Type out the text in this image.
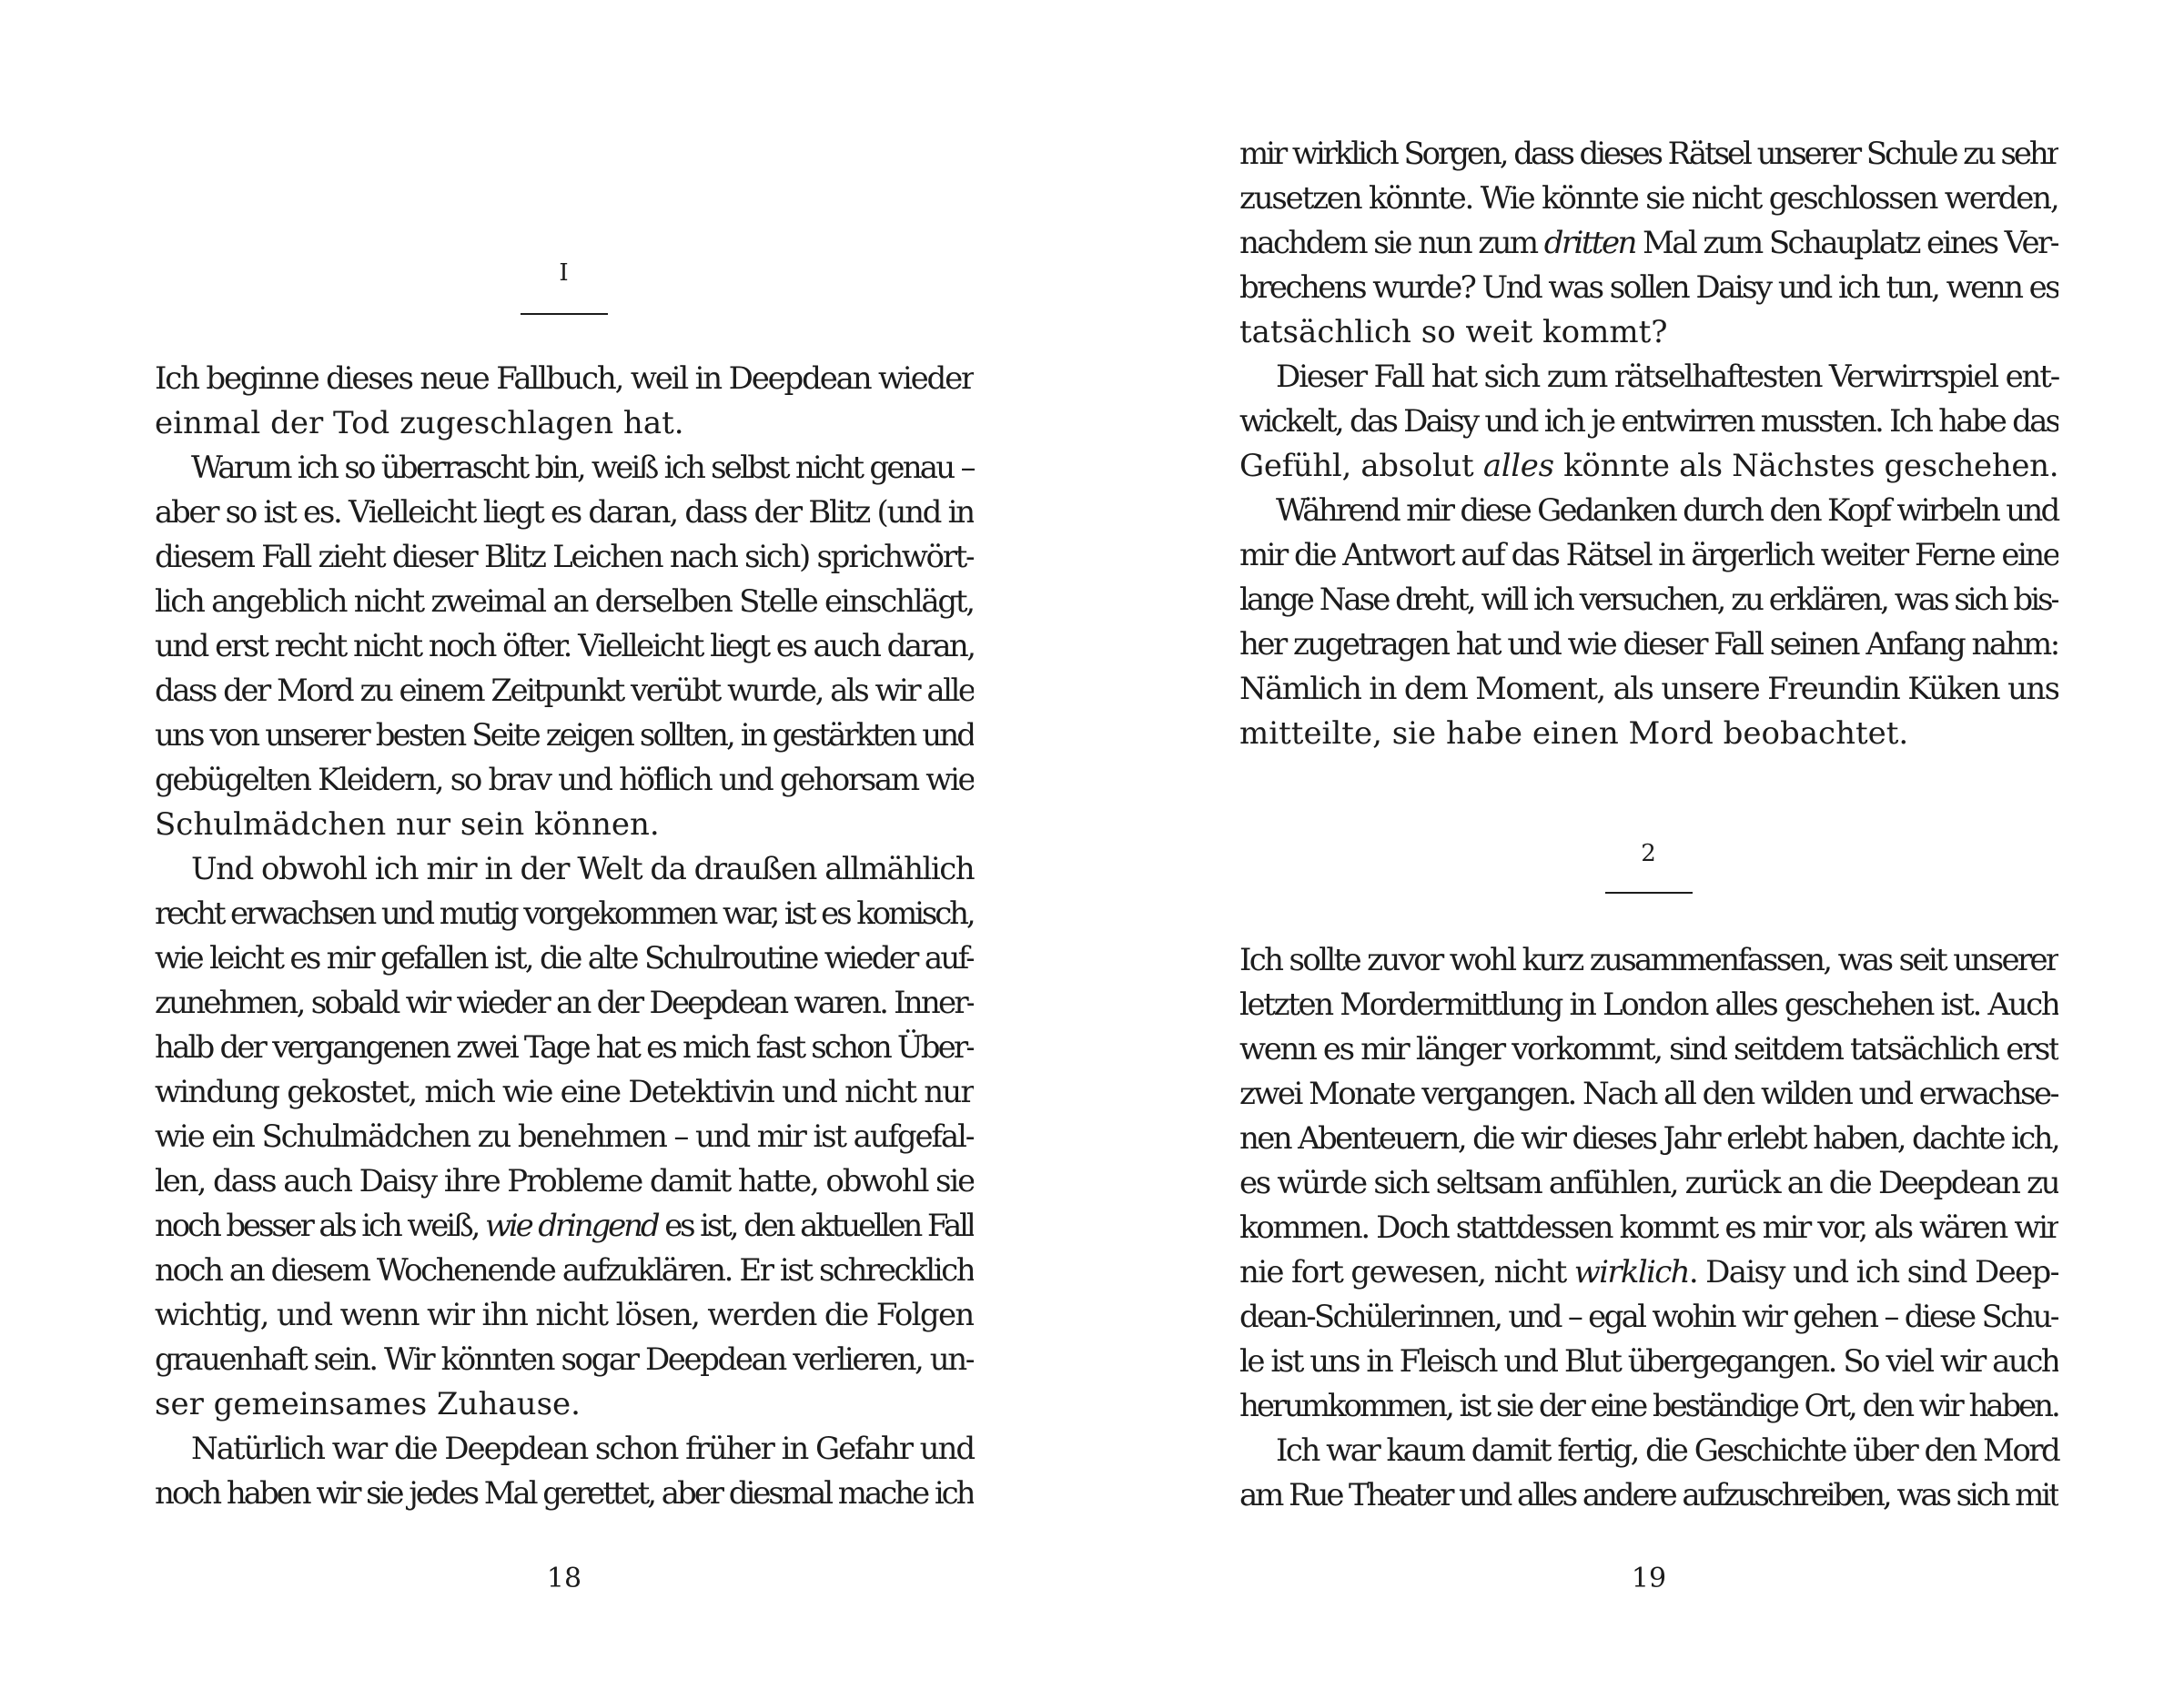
I
Ich beginne dieses neue Fallbuch, weil in Deepdean wieder
einmal der Tod zugeschlagen hat.
Warum ich so überrascht bin, weiß ich selbst nicht genau –
aber so ist es. Vielleicht liegt es daran, dass der Blitz (und in
diesem Fall zieht dieser Blitz Leichen nach sich) sprichwört-
lich angeblich nicht zweimal an derselben Stelle einschlägt,
und erst recht nicht noch öfter. Vielleicht liegt es auch daran,
dass der Mord zu einem Zeitpunkt verübt wurde, als wir alle
uns von unserer besten Seite zeigen sollten, in gestärkten und
gebügelten Kleidern, so brav und höflich und gehorsam wie
Schulmädchen nur sein können.
Und obwohl ich mir in der Welt da draußen allmählich
recht erwachsen und mutig vorgekommen war, ist es komisch,
wie leicht es mir gefallen ist, die alte Schulroutine wieder auf-
zunehmen, sobald wir wieder an der Deepdean waren. Inner-
halb der vergangenen zwei Tage hat es mich fast schon Über-
windung gekostet, mich wie eine Detektivin und nicht nur
wie ein Schulmädchen zu benehmen – und mir ist aufgefal-
len, dass auch Daisy ihre Probleme damit hatte, obwohl sie
noch besser als ich weiß, wie dringend es ist, den aktuellen Fall
noch an diesem Wochenende aufzuklären. Er ist schrecklich
wichtig, und wenn wir ihn nicht lösen, werden die Folgen
grauenhaft sein. Wir könnten sogar Deepdean verlieren, un-
ser gemeinsames Zuhause.
Natürlich war die Deepdean schon früher in Gefahr und
noch haben wir sie jedes Mal gerettet, aber diesmal mache ich
18
mir wirklich Sorgen, dass dieses Rätsel unserer Schule zu sehr
zusetzen könnte. Wie könnte sie nicht geschlossen werden,
nachdem sie nun zum dritten Mal zum Schauplatz eines Ver-
brechens wurde? Und was sollen Daisy und ich tun, wenn es
tatsächlich so weit kommt?
Dieser Fall hat sich zum rätselhaftesten Verwirrspiel ent-
wickelt, das Daisy und ich je entwirren mussten. Ich habe das
Gefühl, absolut alles könnte als Nächstes geschehen.
Während mir diese Gedanken durch den Kopf wirbeln und
mir die Antwort auf das Rätsel in ärgerlich weiter Ferne eine
lange Nase dreht, will ich versuchen, zu erklären, was sich bis-
her zugetragen hat und wie dieser Fall seinen Anfang nahm:
Nämlich in dem Moment, als unsere Freundin Küken uns
mitteilte, sie habe einen Mord beobachtet.
2
Ich sollte zuvor wohl kurz zusammenfassen, was seit unserer
letzten Mordermittlung in London alles geschehen ist. Auch
wenn es mir länger vorkommt, sind seitdem tatsächlich erst
zwei Monate vergangen. Nach all den wilden und erwachse-
nen Abenteuern, die wir dieses Jahr erlebt haben, dachte ich,
es würde sich seltsam anfühlen, zurück an die Deepdean zu
kommen. Doch stattdessen kommt es mir vor, als wären wir
nie fort gewesen, nicht wirklich. Daisy und ich sind Deep-
dean-Schülerinnen, und – egal wohin wir gehen – diese Schu-
le ist uns in Fleisch und Blut übergegangen. So viel wir auch
herumkommen, ist sie der eine beständige Ort, den wir haben.
Ich war kaum damit fertig, die Geschichte über den Mord
am Rue Theater und alles andere aufzuschreiben, was sich mit
19
